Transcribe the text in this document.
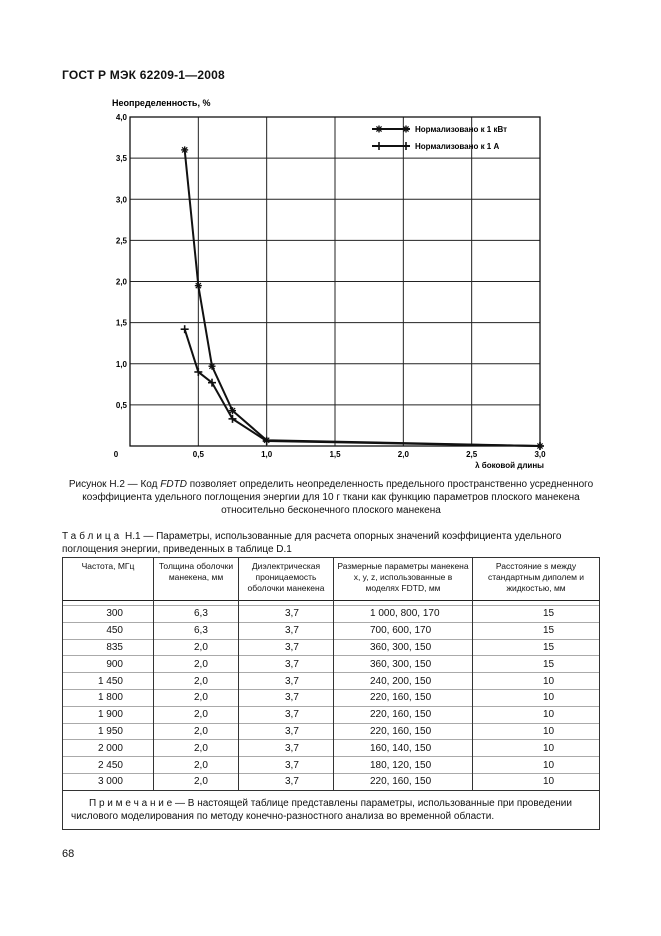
ГОСТ Р МЭК 62209-1—2008
0,5
1,0
1,5
2,0
2,5
3,0
3,5
4,0
0	0,5	1,0	1,5	2,0	2,5	3,0
Нормализовано к 1 кВт
Нормализовано к 1 А
Неопределенность, %
λ боковой длины
Рисунок Н.2 — Код FDTD позволяет определить неопределенность предельного пространственно усредненного коэффициента удельного поглощения энергии для 10 г ткани как функцию параметров плоского манекена относительно бесконечного плоского манекена
Таблица Н.1 — Параметры, использованные для расчета опорных значений коэффициента удельного поглощения энергии, приведенных в таблице D.1
Частота, МГц	Толщина оболочки манекена, мм	Диэлектрическая проницаемость оболочки манекена	Размерные параметры манекена x, y, z, использованные в моделях FDTD, мм	Расстояние s между стандартным диполем и жидкостью, мм

300	6,3	3,7	1 000, 800, 170	15
450	6,3	3,7	700, 600, 170	15
835	2,0	3,7	360, 300, 150	15
900	2,0	3,7	360, 300, 150	15
1 450	2,0	3,7	240, 200, 150	10
1 800	2,0	3,7	220, 160, 150	10
1 900	2,0	3,7	220, 160, 150	10
1 950	2,0	3,7	220, 160, 150	10
2 000	2,0	3,7	160, 140, 150	10
2 450	2,0	3,7	180, 120, 150	10
3 000	2,0	3,7	220, 160, 150	10
П р и м е ч а н и е — В настоящей таблице представлены параметры, использованные при проведении числового моделирования по методу конечно-разностного анализа во временной области.				
68
